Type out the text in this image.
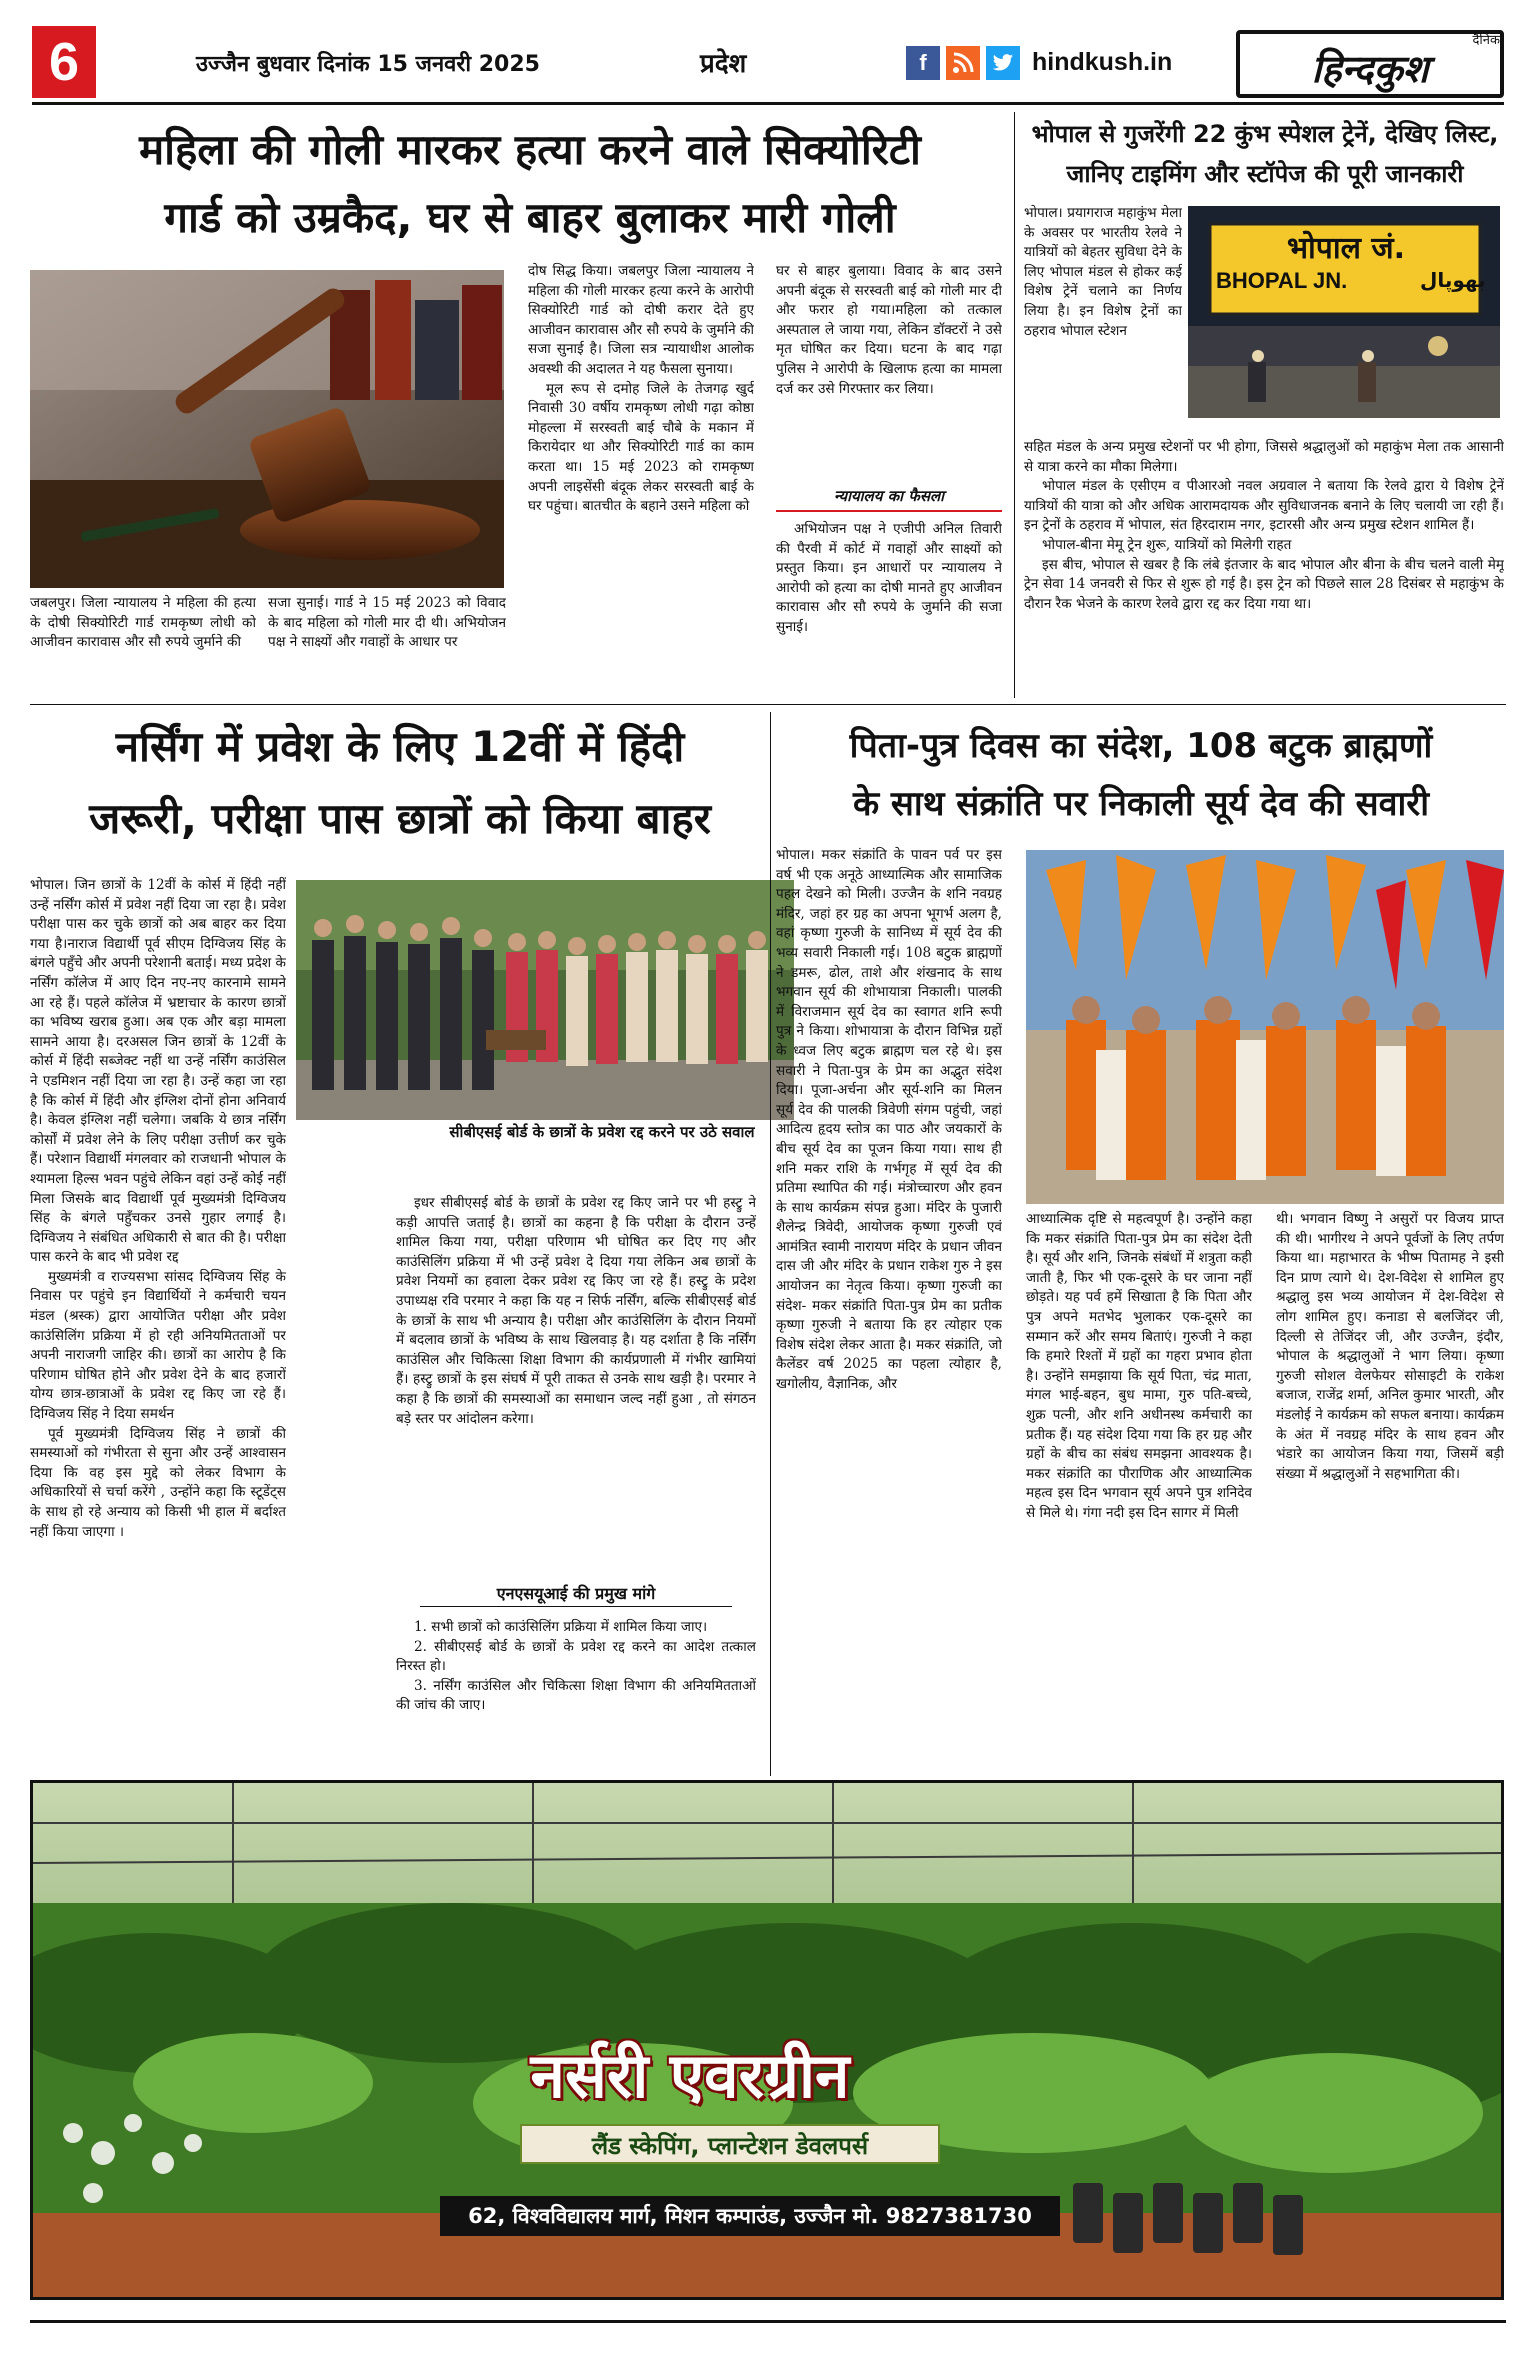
6	उज्जैन बुधवार दिनांक 15 जनवरी 2025	प्रदेश	f	hindkush.in
दैनिक
हिन्दकुश
महिला की गोली मारकर हत्या करने वाले सिक्योरिटी
गार्ड को उम्रकैद, घर से बाहर बुलाकर मारी गोली
जबलपुर। जिला न्यायालय ने महिला की हत्या के दोषी सिक्योरिटी गार्ड रामकृष्ण लोधी को आजीवन कारावास और सौ रुपये जुर्माने की
सजा सुनाई। गार्ड ने 15 मई 2023 को विवाद के बाद महिला को गोली मार दी थी। अभियोजन पक्ष ने साक्ष्यों और गवाहों के आधार पर

दोष सिद्ध किया। जबलपुर जिला न्यायालय ने महिला की गोली मारकर हत्या करने के आरोपी सिक्योरिटी गार्ड को दोषी करार देते हुए आजीवन कारावास और सौ रुपये के जुर्माने की सजा सुनाई है। जिला सत्र न्यायाधीश आलोक अवस्थी की अदालत ने यह फैसला सुनाया।

मूल रूप से दमोह जिले के तेजगढ़ खुर्द निवासी 30 वर्षीय रामकृष्ण लोधी गढ़ा कोष्ठा मोहल्ला में सरस्वती बाई चौबे के मकान में किरायेदार था और सिक्योरिटी गार्ड का काम करता था। 15 मई 2023 को रामकृष्ण अपनी लाइसेंसी बंदूक लेकर सरस्वती बाई के घर पहुंचा। बातचीत के बहाने उसने महिला को

घर से बाहर बुलाया। विवाद के बाद उसने अपनी बंदूक से सरस्वती बाई को गोली मार दी और फरार हो गया।महिला को तत्काल अस्पताल ले जाया गया, लेकिन डॉक्टरों ने उसे मृत घोषित कर दिया। घटना के बाद गढ़ा पुलिस ने आरोपी के खिलाफ हत्या का मामला दर्ज कर उसे गिरफ्तार कर लिया।
न्यायालय का फैसला
अभियोजन पक्ष ने एजीपी अनिल तिवारी की पैरवी में कोर्ट में गवाहों और साक्ष्यों को प्रस्तुत किया। इन आधारों पर न्यायालय ने आरोपी को हत्या का दोषी मानते हुए आजीवन कारावास और सौ रुपये के जुर्माने की सजा सुनाई।
भोपाल से गुजरेंगी 22 कुंभ स्पेशल ट्रेनें, देखिए लिस्ट,
जानिए टाइमिंग और स्टॉपेज की पूरी जानकारी
भोपाल जं.
BHOPAL JN.	بھوپال
भोपाल। प्रयागराज महाकुंभ मेला के अवसर पर भारतीय रेलवे ने यात्रियों को बेहतर सुविधा देने के लिए भोपाल मंडल से होकर कई विशेष ट्रेनें चलाने का निर्णय लिया है। इन विशेष ट्रेनों का ठहराव भोपाल स्टेशन

सहित मंडल के अन्य प्रमुख स्टेशनों पर भी होगा, जिससे श्रद्धालुओं को महाकुंभ मेला तक आसानी से यात्रा करने का मौका मिलेगा।

भोपाल मंडल के एसीएम व पीआरओ नवल अग्रवाल ने बताया कि रेलवे द्वारा ये विशेष ट्रेनें यात्रियों की यात्रा को और अधिक आरामदायक और सुविधाजनक बनाने के लिए चलायी जा रही हैं। इन ट्रेनों के ठहराव में भोपाल, संत हिरदाराम नगर, इटारसी और अन्य प्रमुख स्टेशन शामिल हैं।

भोपाल-बीना मेमू ट्रेन शुरू, यात्रियों को मिलेगी राहत

इस बीच, भोपाल से खबर है कि लंबे इंतजार के बाद भोपाल और बीना के बीच चलने वाली मेमू ट्रेन सेवा 14 जनवरी से फिर से शुरू हो गई है। इस ट्रेन को पिछले साल 28 दिसंबर से महाकुंभ के दौरान रैक भेजने के कारण रेलवे द्वारा रद्द कर दिया गया था।

नर्सिंग में प्रवेश के लिए 12वीं में हिंदी
जरूरी, परीक्षा पास छात्रों को किया बाहर

भोपाल। जिन छात्रों के 12वीं के कोर्स में हिंदी नहीं उन्हें नर्सिंग कोर्स में प्रवेश नहीं दिया जा रहा है। प्रवेश परीक्षा पास कर चुके छात्रों को अब बाहर कर दिया गया है।नाराज विद्यार्थी पूर्व सीएम दिग्विजय सिंह के बंगले पहुँचे और अपनी परेशानी बताई। मध्य प्रदेश के नर्सिंग कॉलेज में आए दिन नए-नए कारनामे सामने आ रहे हैं। पहले कॉलेज में भ्रष्टाचार के कारण छात्रों का भविष्य खराब हुआ। अब एक और बड़ा मामला सामने आया है। दरअसल जिन छात्रों के 12वीं के कोर्स में हिंदी सब्जेक्ट नहीं था उन्हें नर्सिंग काउंसिल ने एडमिशन नहीं दिया जा रहा है। उन्हें कहा जा रहा है कि कोर्स में हिंदी और इंग्लिश दोनों होना अनिवार्य है। केवल इंग्लिश नहीं चलेगा। जबकि ये छात्र नर्सिंग कोर्सों में प्रवेश लेने के लिए परीक्षा उत्तीर्ण कर चुके हैं। परेशान विद्यार्थी मंगलवार को राजधानी भोपाल के श्यामला हिल्स भवन पहुंचे लेकिन वहां उन्हें कोई नहीं मिला जिसके बाद विद्यार्थी पूर्व मुख्यमंत्री दिग्विजय सिंह के बंगले पहुँचकर उनसे गुहार लगाई है। दिग्विजय ने संबंधित अधिकारी से बात की है। परीक्षा पास करने के बाद भी प्रवेश रद्द

मुख्यमंत्री व राज्यसभा सांसद दिग्विजय सिंह के निवास पर पहुंचे इन विद्यार्थियों ने कर्मचारी चयन मंडल (श्रस्क) द्वारा आयोजित परीक्षा और प्रवेश काउंसिलिंग प्रक्रिया में हो रही अनियमितताओं पर अपनी नाराजगी जाहिर की। छात्रों का आरोप है कि परिणाम घोषित होने और प्रवेश देने के बाद हजारों योग्य छात्र-छात्राओं के प्रवेश रद्द किए जा रहे हैं। दिग्विजय सिंह ने दिया समर्थन

पूर्व मुख्यमंत्री दिग्विजय सिंह ने छात्रों की समस्याओं को गंभीरता से सुना और उन्हें आश्वासन दिया कि वह इस मुद्दे को लेकर विभाग के अधिकारियों से चर्चा करेंगे , उन्होंने कहा कि स्टूडेंट्स के साथ हो रहे अन्याय को किसी भी हाल में बर्दाश्त नहीं किया जाएगा ।

सीबीएसई बोर्ड के छात्रों के प्रवेश रद्द करने पर उठे सवाल
इधर सीबीएसई बोर्ड के छात्रों के प्रवेश रद्द किए जाने पर भी हस्ट्रु ने कड़ी आपत्ति जताई है। छात्रों का कहना है कि परीक्षा के दौरान उन्हें शामिल किया गया, परीक्षा परिणाम भी घोषित कर दिए गए और काउंसिलिंग प्रक्रिया में भी उन्हें प्रवेश दे दिया गया लेकिन अब छात्रों के प्रवेश नियमों का हवाला देकर प्रवेश रद्द किए जा रहे हैं। हस्ट्रु के प्रदेश उपाध्यक्ष रवि परमार ने कहा कि यह न सिर्फ नर्सिंग, बल्कि सीबीएसई बोर्ड के छात्रों के साथ भी अन्याय है। परीक्षा और काउंसिलिंग के दौरान नियमों में बदलाव छात्रों के भविष्य के साथ खिलवाड़ है। यह दर्शाता है कि नर्सिंग काउंसिल और चिकित्सा शिक्षा विभाग की कार्यप्रणाली में गंभीर खामियां हैं। हस्ट्रु छात्रों के इस संघर्ष में पूरी ताकत से उनके साथ खड़ी है। परमार ने कहा है कि छात्रों की समस्याओं का समाधान जल्द नहीं हुआ , तो संगठन बड़े स्तर पर आंदोलन करेगा।
एनएसयूआई की प्रमुख मांगे

1. सभी छात्रों को काउंसिलिंग प्रक्रिया में शामिल किया जाए।

2. सीबीएसई बोर्ड के छात्रों के प्रवेश रद्द करने का आदेश तत्काल निरस्त हो।

3. नर्सिंग काउंसिल और चिकित्सा शिक्षा विभाग की अनियमितताओं की जांच की जाए।

पिता-पुत्र दिवस का संदेश, 108 बटुक ब्राह्मणों
के साथ संक्रांति पर निकाली सूर्य देव की सवारी
भोपाल। मकर संक्रांति के पावन पर्व पर इस वर्ष भी एक अनूठे आध्यात्मिक और सामाजिक पहल देखने को मिली। उज्जैन के शनि नवग्रह मंदिर, जहां हर ग्रह का अपना भूगर्भ अलग है, वहां कृष्णा गुरुजी के सानिध्य में सूर्य देव की भव्य सवारी निकाली गई। 108 बटुक ब्राह्मणों ने डमरू, ढोल, ताशे और शंखनाद के साथ भगवान सूर्य की शोभायात्रा निकाली। पालकी में विराजमान सूर्य देव का स्वागत शनि रूपी पुत्र ने किया। शोभायात्रा के दौरान विभिन्न ग्रहों के ध्वज लिए बटुक ब्राह्मण चल रहे थे। इस सवारी ने पिता-पुत्र के प्रेम का अद्भुत संदेश दिया। पूजा-अर्चना और सूर्य-शनि का मिलन सूर्य देव की पालकी त्रिवेणी संगम पहुंची, जहां आदित्य हृदय स्तोत्र का पाठ और जयकारों के बीच सूर्य देव का पूजन किया गया। साथ ही शनि मकर राशि के गर्भगृह में सूर्य देव की प्रतिमा स्थापित की गई। मंत्रोच्चारण और हवन के साथ कार्यक्रम संपन्न हुआ। मंदिर के पुजारी शैलेन्द्र त्रिवेदी, आयोजक कृष्णा गुरुजी एवं आमंत्रित स्वामी नारायण मंदिर के प्रधान जीवन दास जी और मंदिर के प्रधान राकेश गुरु ने इस आयोजन का नेतृत्व किया। कृष्णा गुरुजी का संदेश- मकर संक्रांति पिता-पुत्र प्रेम का प्रतीक कृष्णा गुरुजी ने बताया कि हर त्योहार एक विशेष संदेश लेकर आता है। मकर संक्रांति, जो कैलेंडर वर्ष 2025 का पहला त्योहार है, खगोलीय, वैज्ञानिक, और
आध्यात्मिक दृष्टि से महत्वपूर्ण है। उन्होंने कहा कि मकर संक्रांति पिता-पुत्र प्रेम का संदेश देती है। सूर्य और शनि, जिनके संबंधों में शत्रुता कही जाती है, फिर भी एक-दूसरे के घर जाना नहीं छोड़ते। यह पर्व हमें सिखाता है कि पिता और पुत्र अपने मतभेद भुलाकर एक-दूसरे का सम्मान करें और समय बिताएं। गुरुजी ने कहा कि हमारे रिश्तों में ग्रहों का गहरा प्रभाव होता है। उन्होंने समझाया कि सूर्य पिता, चंद्र माता, मंगल भाई-बहन, बुध मामा, गुरु पति-बच्चे, शुक्र पत्नी, और शनि अधीनस्थ कर्मचारी का प्रतीक हैं। यह संदेश दिया गया कि हर ग्रह और ग्रहों के बीच का संबंध समझना आवश्यक है। मकर संक्रांति का पौराणिक और आध्यात्मिक महत्व इस दिन भगवान सूर्य अपने पुत्र शनिदेव से मिले थे। गंगा नदी इस दिन सागर में मिली
थी। भगवान विष्णु ने असुरों पर विजय प्राप्त की थी। भागीरथ ने अपने पूर्वजों के लिए तर्पण किया था। महाभारत के भीष्म पितामह ने इसी दिन प्राण त्यागे थे। देश-विदेश से शामिल हुए श्रद्धालु इस भव्य आयोजन में देश-विदेश से लोग शामिल हुए। कनाडा से बलजिंदर जी, दिल्ली से तेजिंदर जी, और उज्जैन, इंदौर, भोपाल के श्रद्धालुओं ने भाग लिया। कृष्णा गुरुजी सोशल वेलफेयर सोसाइटी के राकेश बजाज, राजेंद्र शर्मा, अनिल कुमार भारती, और मंडलोई ने कार्यक्रम को सफल बनाया। कार्यक्रम के अंत में नवग्रह मंदिर के साथ हवन और भंडारे का आयोजन किया गया, जिसमें बड़ी संख्या में श्रद्धालुओं ने सहभागिता की।
नर्सरी एवरग्रीन
लैंड स्केपिंग, प्लान्टेशन डेवलपर्स
62, विश्वविद्यालय मार्ग, मिशन कम्पाउंड, उज्जैन मो. 9827381730
